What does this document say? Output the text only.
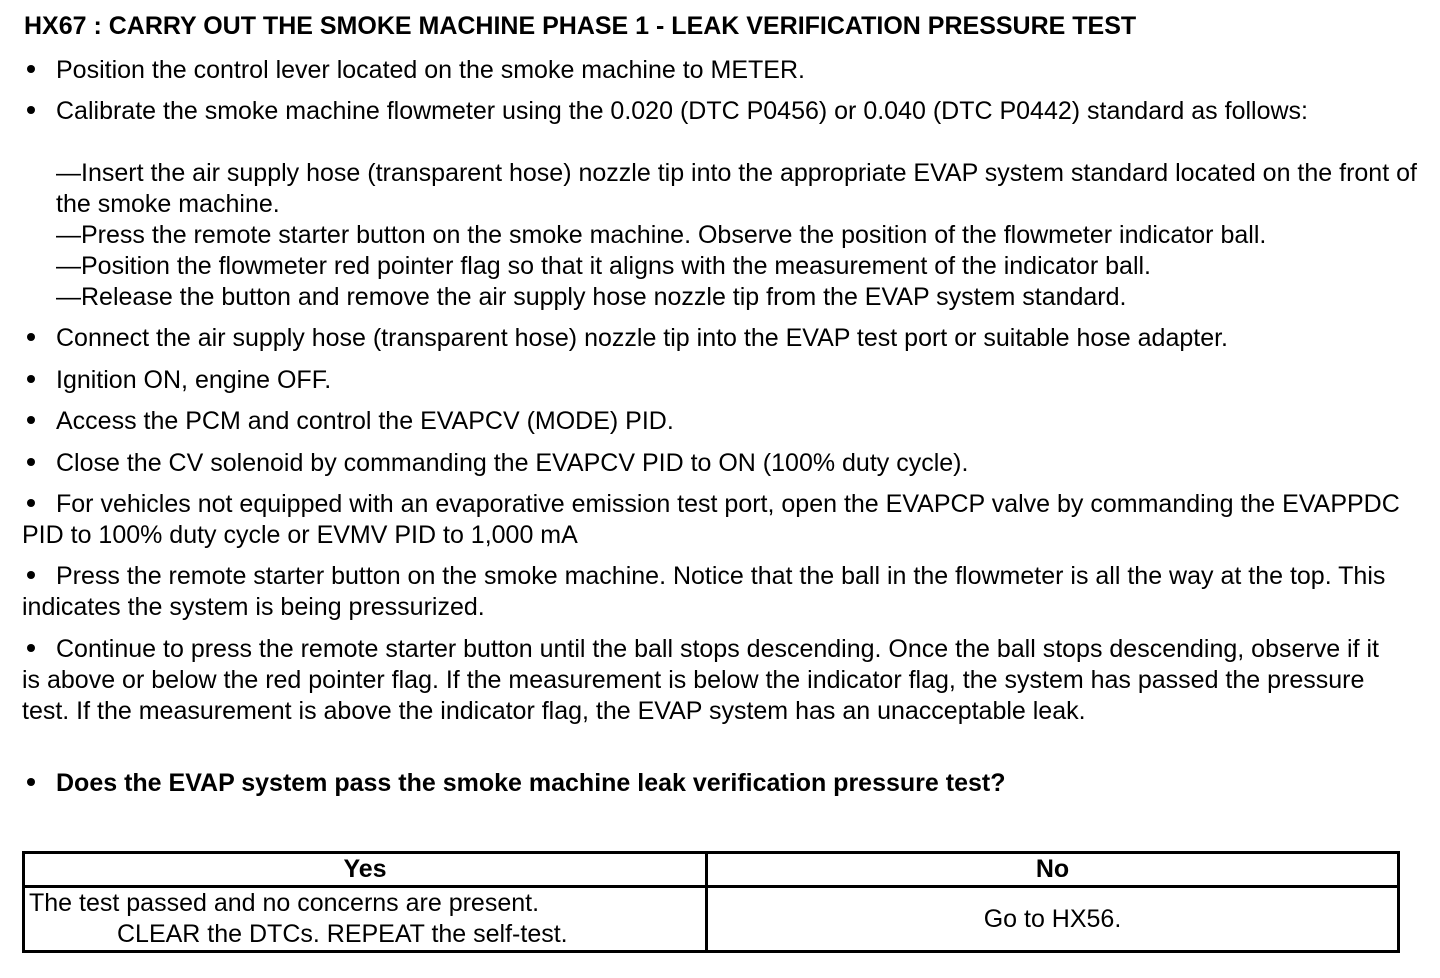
HX67 : CARRY OUT THE SMOKE MACHINE PHASE 1 - LEAK VERIFICATION PRESSURE TEST
Position the control lever located on the smoke machine to METER.
Calibrate the smoke machine flowmeter using the 0.020 (DTC P0456) or 0.040 (DTC P0442) standard as follows:
—Insert the air supply hose (transparent hose) nozzle tip into the appropriate EVAP system standard located on the front of the smoke machine.
—Press the remote starter button on the smoke machine. Observe the position of the flowmeter indicator ball.
—Position the flowmeter red pointer flag so that it aligns with the measurement of the indicator ball.
—Release the button and remove the air supply hose nozzle tip from the EVAP system standard.
Connect the air supply hose (transparent hose) nozzle tip into the EVAP test port or suitable hose adapter.
Ignition ON, engine OFF.
Access the PCM and control the EVAPCV (MODE) PID.
Close the CV solenoid by commanding the EVAPCV PID to ON (100% duty cycle).
For vehicles not equipped with an evaporative emission test port, open the EVAPCP valve by commanding the EVAPPDC PID to 100% duty cycle or EVMV PID to 1,000 mA
Press the remote starter button on the smoke machine. Notice that the ball in the flowmeter is all the way at the top. This indicates the system is being pressurized.
Continue to press the remote starter button until the ball stops descending. Once the ball stops descending, observe if it is above or below the red pointer flag. If the measurement is below the indicator flag, the system has passed the pressure test. If the measurement is above the indicator flag, the EVAP system has an unacceptable leak.
Does the EVAP system pass the smoke machine leak verification pressure test?
Yes	No
The test passed and no concerns are present.
CLEAR the DTCs. REPEAT the self-test.	Go to HX56.
